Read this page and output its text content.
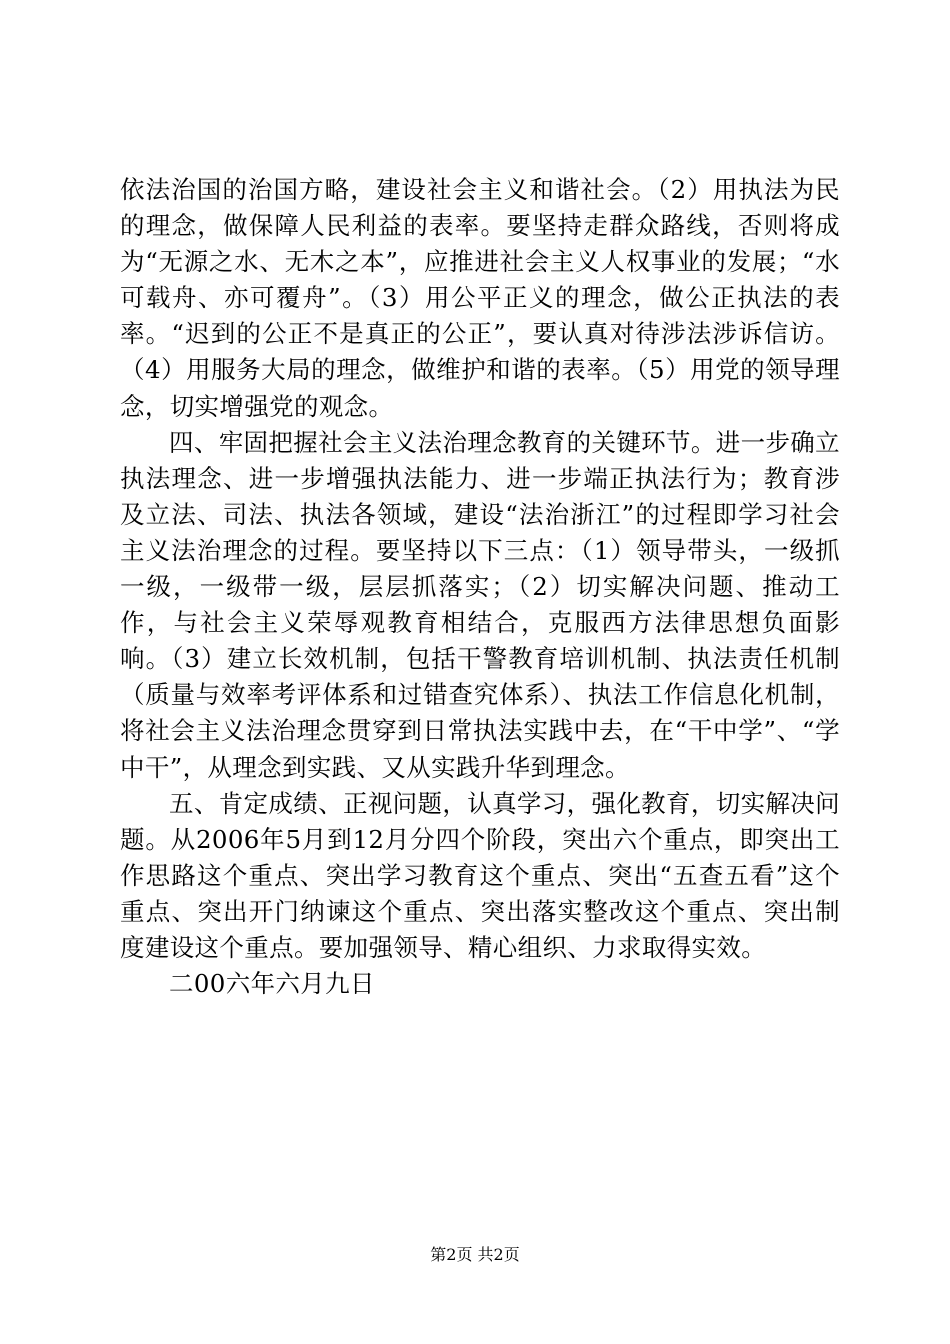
依法治国的治国方略，建设社会主义和谐社会。（2）用执法为民的理念，做保障人民利益的表率。要坚持走群众路线，否则将成为“无源之水、无木之本”，应推进社会主义人权事业的发展；“水可载舟、亦可覆舟”。（3）用公平正义的理念，做公正执法的表率。“迟到的公正不是真正的公正”，要认真对待涉法涉诉信访。（4）用服务大局的理念，做维护和谐的表率。（5）用党的领导理念，切实增强党的观念。

四、牢固把握社会主义法治理念教育的关键环节。进一步确立执法理念、进一步增强执法能力、进一步端正执法行为；教育涉及立法、司法、执法各领域，建设“法治浙江”的过程即学习社会主义法治理念的过程。要坚持以下三点：（1）领导带头，一级抓一级，一级带一级，层层抓落实；（2）切实解决问题、推动工作，与社会主义荣辱观教育相结合，克服西方法律思想负面影响。（3）建立长效机制，包括干警教育培训机制、执法责任机制（质量与效率考评体系和过错查究体系）、执法工作信息化机制，将社会主义法治理念贯穿到日常执法实践中去，在“干中学”、“学中干”，从理念到实践、又从实践升华到理念。

五、肯定成绩、正视问题，认真学习，强化教育，切实解决问题。从2006年5月到12月分四个阶段，突出六个重点，即突出工作思路这个重点、突出学习教育这个重点、突出“五查五看”这个重点、突出开门纳谏这个重点、突出落实整改这个重点、突出制度建设这个重点。要加强领导、精心组织、力求取得实效。

二00六年六月九日

第2页 共2页
